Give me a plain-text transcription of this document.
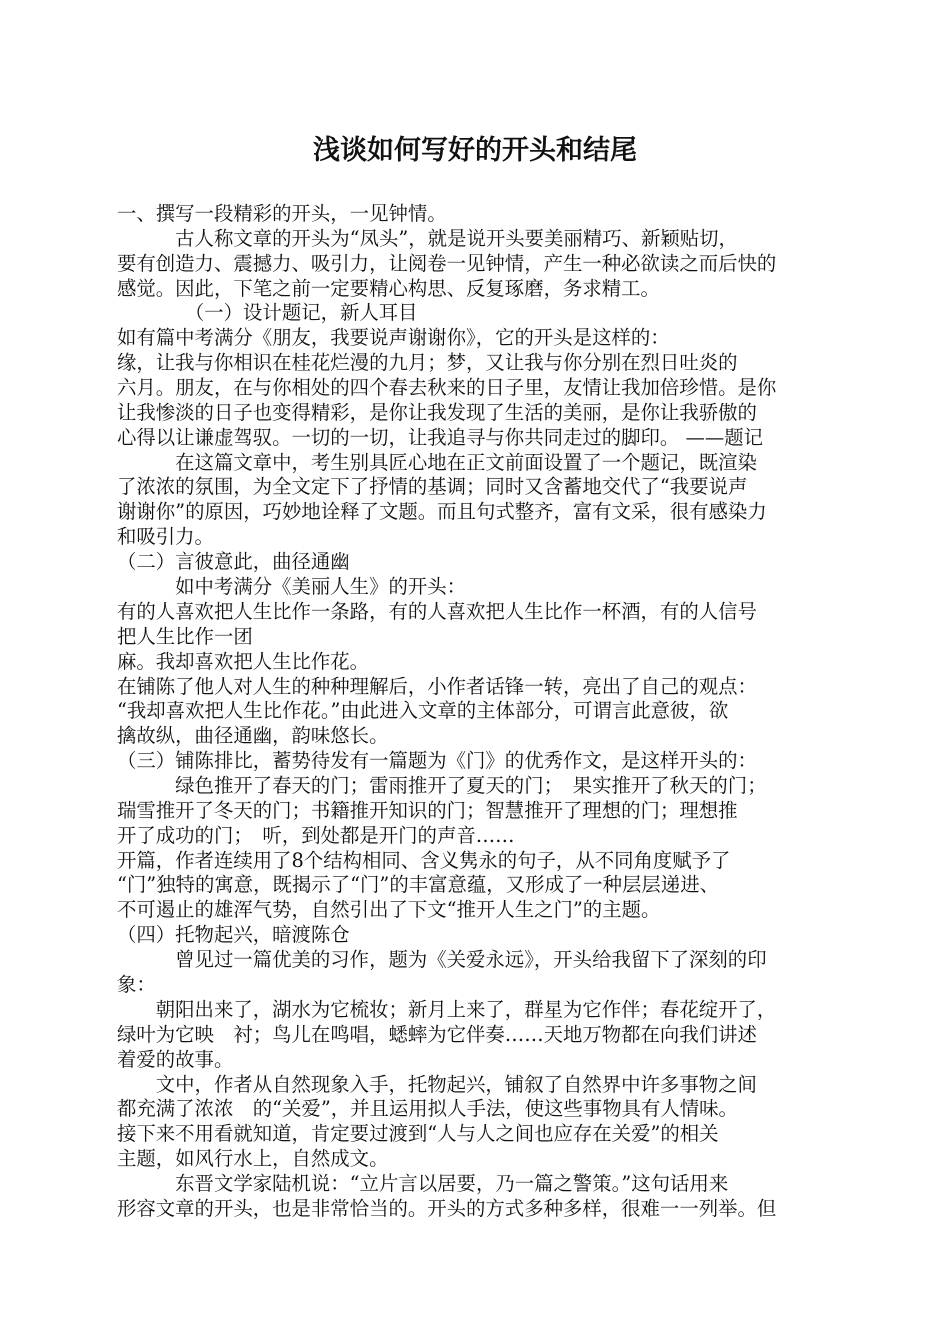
浅谈如何写好的开头和结尾
一、撰写一段精彩的开头，一见钟情。
　　　古人称文章的开头为“凤头”，就是说开头要美丽精巧、新颖贴切，
要有创造力、震撼力、吸引力，让阅卷一见钟情，产生一种必欲读之而后快的
感觉。因此，下笔之前一定要精心构思、反复琢磨，务求精工。
　　　　（一）设计题记，新人耳目
如有篇中考满分《朋友，我要说声谢谢你》，它的开头是这样的：
缘，让我与你相识在桂花烂漫的九月；梦，又让我与你分别在烈日吐炎的
六月。朋友，在与你相处的四个春去秋来的日子里，友情让我加倍珍惜。是你
让我惨淡的日子也变得精彩，是你让我发现了生活的美丽，是你让我骄傲的
心得以让谦虚驾驭。一切的一切，让我追寻与你共同走过的脚印。 ——题记
　　　在这篇文章中，考生别具匠心地在正文前面设置了一个题记，既渲染
了浓浓的氛围，为全文定下了抒情的基调；同时又含蓄地交代了“我要说声
谢谢你”的原因，巧妙地诠释了文题。而且句式整齐，富有文采，很有感染力
和吸引力。
（二）言彼意此，曲径通幽
　　　如中考满分《美丽人生》的开头：
有的人喜欢把人生比作一条路，有的人喜欢把人生比作一杯酒，有的人信号
把人生比作一团
麻。我却喜欢把人生比作花。
在铺陈了他人对人生的种种理解后，小作者话锋一转，亮出了自己的观点：
“我却喜欢把人生比作花。”由此进入文章的主体部分，可谓言此意彼，欲
擒故纵，曲径通幽，韵味悠长。
（三）铺陈排比，蓄势待发有一篇题为《门》的优秀作文，是这样开头的：
　　　绿色推开了春天的门；雷雨推开了夏天的门；　果实推开了秋天的门；
瑞雪推开了冬天的门；书籍推开知识的门；智慧推开了理想的门；理想推
开了成功的门；　听，到处都是开门的声音……
开篇，作者连续用了8个结构相同、含义隽永的句子，从不同角度赋予了
“门”独特的寓意，既揭示了“门”的丰富意蕴，又形成了一种层层递进、
不可遏止的雄浑气势，自然引出了下文“推开人生之门”的主题。
（四）托物起兴，暗渡陈仓
　　　曾见过一篇优美的习作，题为《关爱永远》，开头给我留下了深刻的印
象：
　　朝阳出来了，湖水为它梳妆；新月上来了，群星为它作伴；春花绽开了，
绿叶为它映　衬；鸟儿在鸣唱，蟋蟀为它伴奏……天地万物都在向我们讲述
着爱的故事。
　　文中，作者从自然现象入手，托物起兴，铺叙了自然界中许多事物之间
都充满了浓浓　的“关爱”，并且运用拟人手法，使这些事物具有人情味。
接下来不用看就知道，肯定要过渡到“人与人之间也应存在关爱”的相关
主题，如风行水上，自然成文。
　　　东晋文学家陆机说：“立片言以居要，乃一篇之警策。”这句话用来
形容文章的开头，也是非常恰当的。开头的方式多种多样，很难一一列举。但
